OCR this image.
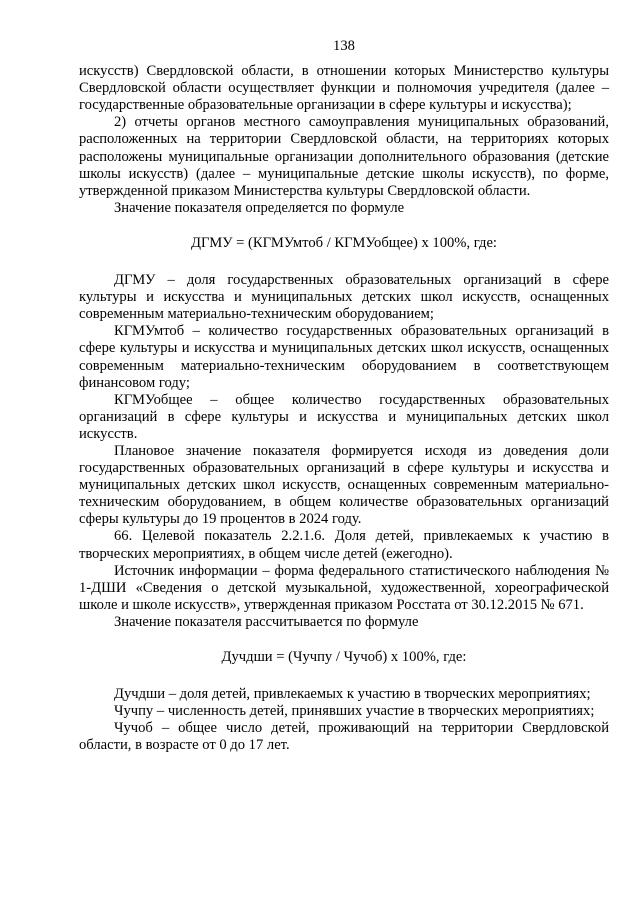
138

искусств) Свердловской области, в отношении которых Министерство культуры Свердловской области осуществляет функции и полномочия учредителя (далее – государственные образовательные организации в сфере культуры и искусства);

2) отчеты органов местного самоуправления муниципальных образований, расположенных на территории Свердловской области, на территориях которых расположены муниципальные организации дополнительного образования (детские школы искусств) (далее – муниципальные детские школы искусств), по форме, утвержденной приказом Министерства культуры Свердловской области.

Значение показателя определяется по формуле

ДГМУ = (КГМУмтоб / КГМУобщее) x 100%, где:

ДГМУ – доля государственных образовательных организаций в сфере культуры и искусства и муниципальных детских школ искусств, оснащенных современным материально-техническим оборудованием;

КГМУмтоб – количество государственных образовательных организаций в сфере культуры и искусства и муниципальных детских школ искусств, оснащенных современным материально-техническим оборудованием в соответствующем финансовом году;

КГМУобщее – общее количество государственных образовательных организаций в сфере культуры и искусства и муниципальных детских школ искусств.

Плановое значение показателя формируется исходя из доведения доли государственных образовательных организаций в сфере культуры и искусства и муниципальных детских школ искусств, оснащенных современным материально-техническим оборудованием, в общем количестве образовательных организаций сферы культуры до 19 процентов в 2024 году.

66. Целевой показатель 2.2.1.6. Доля детей, привлекаемых к участию в творческих мероприятиях, в общем числе детей (ежегодно).

Источник информации – форма федерального статистического наблюдения № 1-ДШИ «Сведения о детской музыкальной, художественной, хореографической школе и школе искусств», утвержденная приказом Росстата от 30.12.2015 № 671.

Значение показателя рассчитывается по формуле

Дучдши = (Чучпу / Чучоб) x 100%, где:

Дучдши – доля детей, привлекаемых к участию в творческих мероприятиях;

Чучпу – численность детей, принявших участие в творческих мероприятиях;

Чучоб – общее число детей, проживающий на территории Свердловской области, в возрасте от 0 до 17 лет.
